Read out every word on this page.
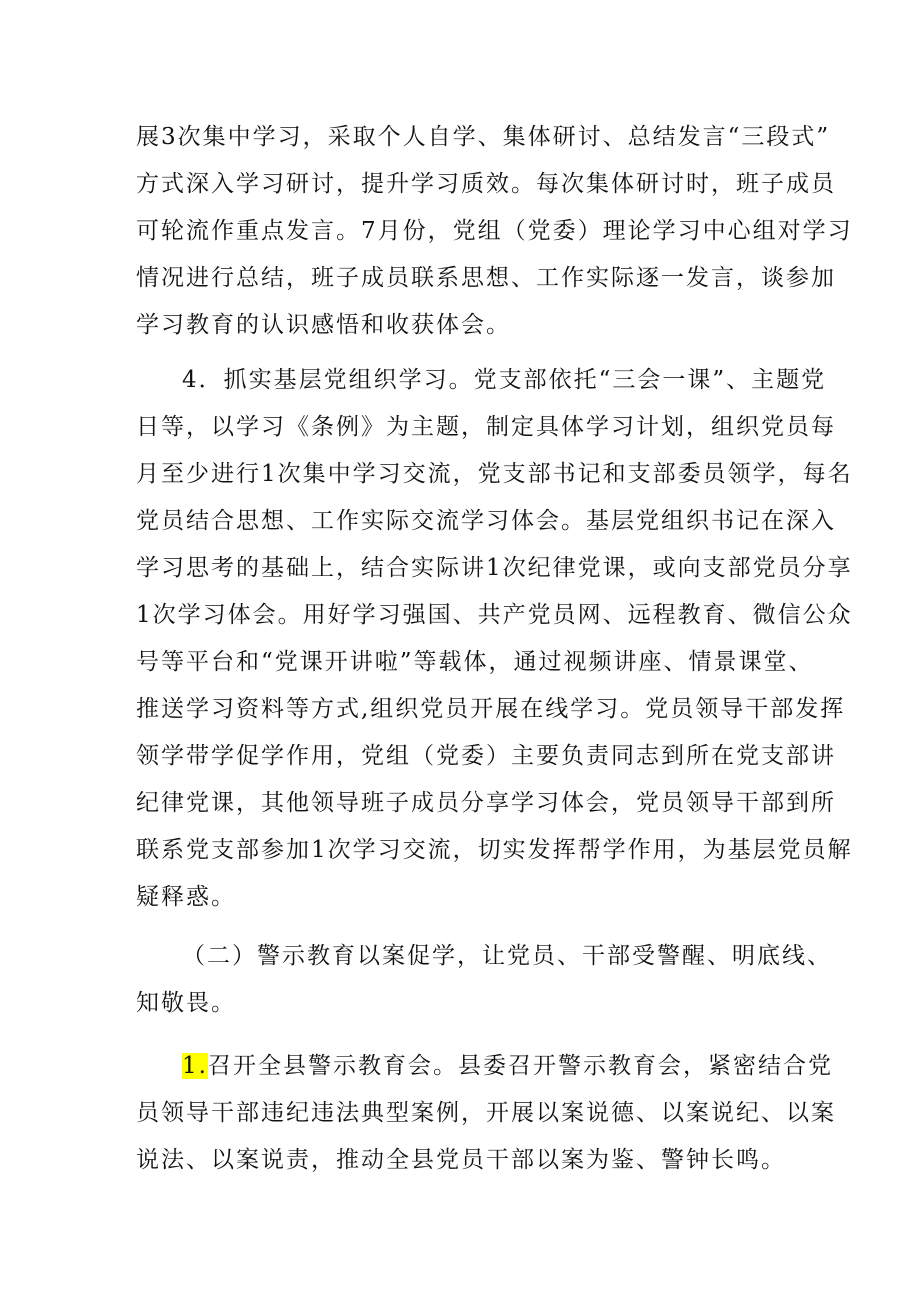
展3次集中学习，采取个人自学、集体研讨、总结发言“三段式”
方式深入学习研讨，提升学习质效。每次集体研讨时，班子成员
可轮流作重点发言。7月份，党组（党委）理论学习中心组对学习
情况进行总结，班子成员联系思想、工作实际逐一发言，谈参加
学习教育的认识感悟和收获体会。
4．抓实基层党组织学习。党支部依托“三会一课”、主题党
日等，以学习《条例》为主题，制定具体学习计划，组织党员每
月至少进行1次集中学习交流，党支部书记和支部委员领学，每名
党员结合思想、工作实际交流学习体会。基层党组织书记在深入
学习思考的基础上，结合实际讲1次纪律党课，或向支部党员分享
1次学习体会。用好学习强国、共产党员网、远程教育、微信公众
号等平台和“党课开讲啦”等载体，通过视频讲座、情景课堂、
推送学习资料等方式,组织党员开展在线学习。党员领导干部发挥
领学带学促学作用，党组（党委）主要负责同志到所在党支部讲
纪律党课，其他领导班子成员分享学习体会，党员领导干部到所
联系党支部参加1次学习交流，切实发挥帮学作用，为基层党员解
疑释惑。
（二）警示教育以案促学，让党员、干部受警醒、明底线、
知敬畏。
1.召开全县警示教育会。县委召开警示教育会，紧密结合党
员领导干部违纪违法典型案例，开展以案说德、以案说纪、以案
说法、以案说责，推动全县党员干部以案为鉴、警钟长鸣。
